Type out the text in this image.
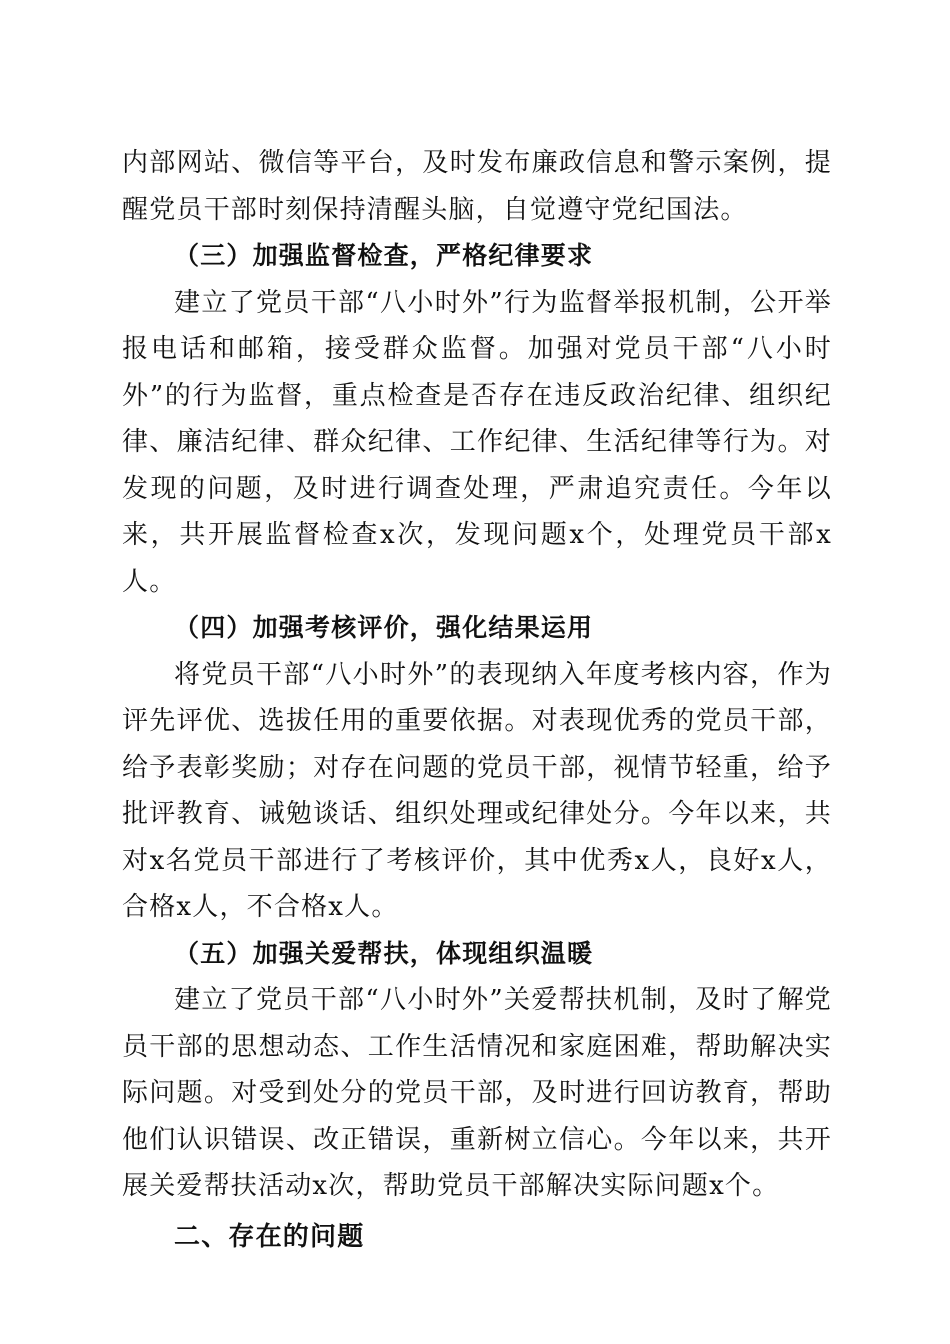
内部网站、微信等平台，及时发布廉政信息和警示案例，提醒党员干部时刻保持清醒头脑，自觉遵守党纪国法。

（三）加强监督检查，严格纪律要求

建立了党员干部“八小时外”行为监督举报机制，公开举报电话和邮箱，接受群众监督。加强对党员干部“八小时外”的行为监督，重点检查是否存在违反政治纪律、组织纪律、廉洁纪律、群众纪律、工作纪律、生活纪律等行为。对发现的问题，及时进行调查处理，严肃追究责任。今年以来，共开展监督检查x次，发现问题x个，处理党员干部x人。

（四）加强考核评价，强化结果运用

将党员干部“八小时外”的表现纳入年度考核内容，作为评先评优、选拔任用的重要依据。对表现优秀的党员干部，给予表彰奖励；对存在问题的党员干部，视情节轻重，给予批评教育、诫勉谈话、组织处理或纪律处分。今年以来，共对x名党员干部进行了考核评价，其中优秀x人，良好x人，合格x人，不合格x人。

（五）加强关爱帮扶，体现组织温暖

建立了党员干部“八小时外”关爱帮扶机制，及时了解党员干部的思想动态、工作生活情况和家庭困难，帮助解决实际问题。对受到处分的党员干部，及时进行回访教育，帮助他们认识错误、改正错误，重新树立信心。今年以来，共开展关爱帮扶活动x次，帮助党员干部解决实际问题x个。

二、存在的问题
